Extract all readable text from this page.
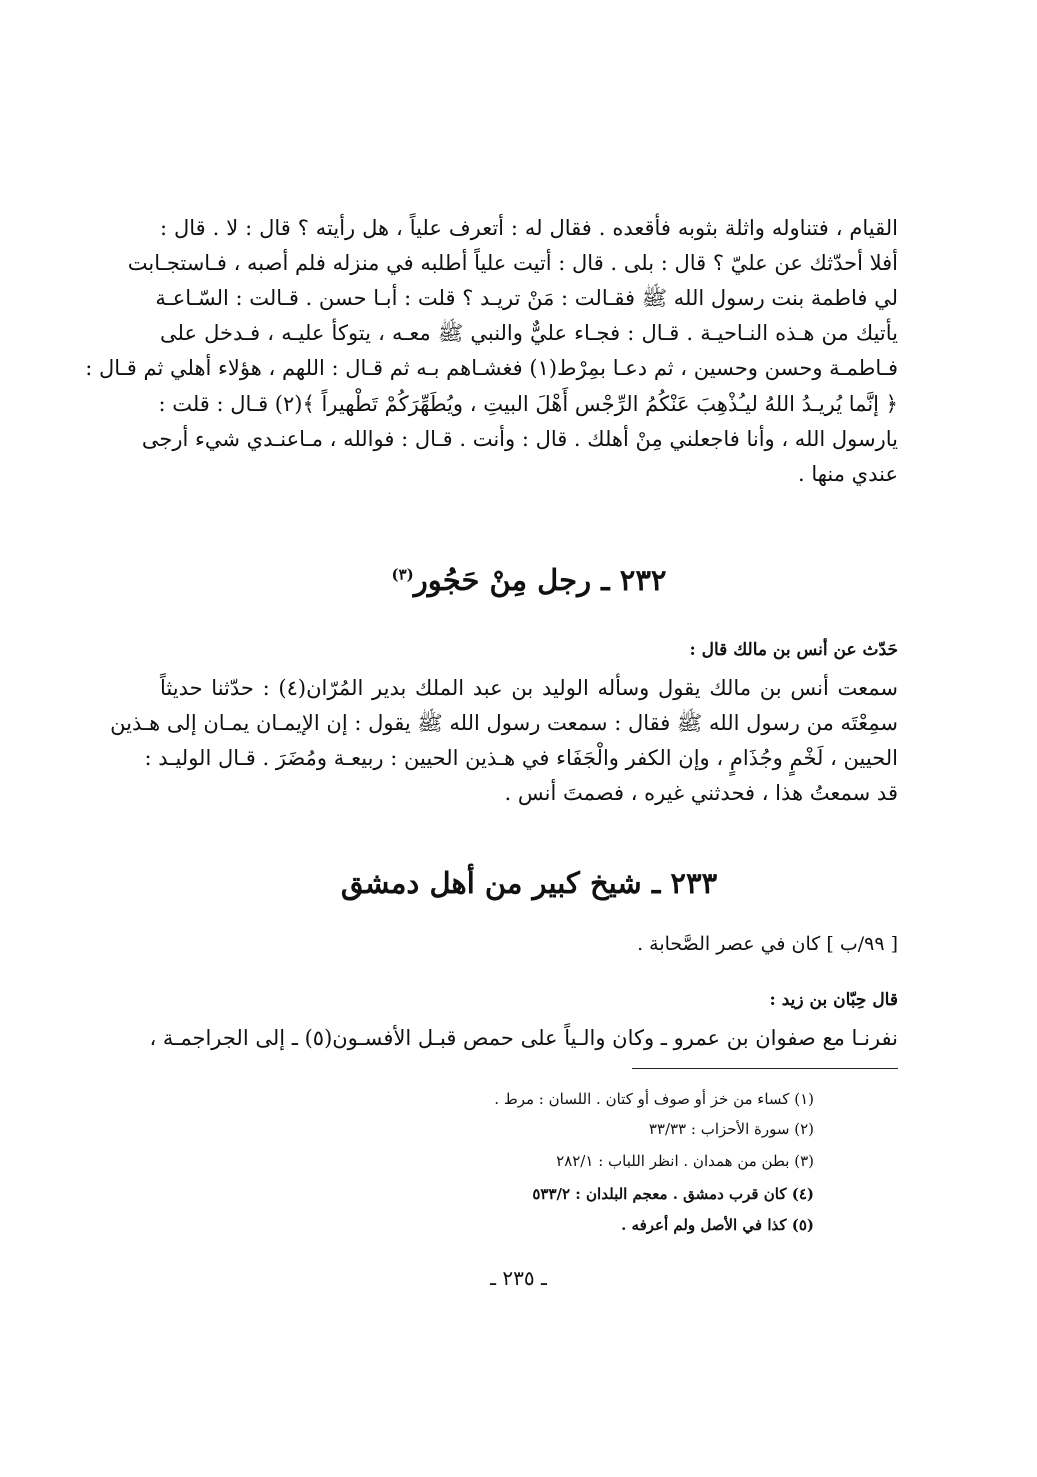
القيام ، فتناوله واثلة بثوبه فأقعده . فقال له : أتعرف علياً ، هل رأيته ؟ قال : لا . قال :
أفلا أحدّثك عن عليّ ؟ قال : بلى . قال : أتيت علياً أطلبه في منزله فلم أصبه ، فـاستجـابت
لي فاطمة بنت رسول الله ﷺ فقـالت : مَنْ تريـد ؟ قلت : أبـا حسن . قـالت : السّـاعـة
يأتيك من هـذه النـاحيـة . قـال : فجـاء عليٌّ والنبي ﷺ معـه ، يتوكأ عليـه ، فـدخل على
فـاطمـة وحسن وحسين ، ثم دعـا بمِرْط(١) فغشـاهم بـه ثم قـال : اللهم ، هؤلاء أهلي ثم قـال :
﴿ إنَّما يُريـدُ اللهُ ليـُذْهِبَ عَنْكُمُ الرِّجْس أَهْلَ البيتِ ، ويُطَهِّرَكُمْ تَطْهيراً ﴾(٢) قـال : قلت :
يارسول الله ، وأنا فاجعلني مِنْ أهلك . قال : وأنت . قـال : فوالله ، مـاعنـدي شيء أرجى
عندي منها .
٢٣٢ ـ رجل مِنْ حَجُور$^{(٣)}$
حَدّث عن أنس بن مالك قال :
سمعت أنس بن مالك يقول وسأله الوليد بن عبد الملك بدير المُرّان(٤) : حدّثنا حديثاً
سمِعْتَه من رسول الله ﷺ فقال : سمعت رسول الله ﷺ يقول : إن الإيمـان يمـان إلى هـذين
الحيين ، لَخْمٍ وجُذَامٍ ، وإن الكفر والْجَفَاء في هـذين الحيين : ربيعـة ومُضَرَ . قـال الوليـد :
قد سمعتُ هذا ، فحدثني غيره ، فصمتَ أنس .
٢٣٣ ـ شيخ كبير من أهل دمشق
[ ٩٩/ب ] كان في عصر الصَّحابة .
قال حِبّان بن زيد :
نفرنـا مع صفوان بن عمرو ـ وكان والـياً على حمص قبـل الأفسـون(٥) ـ إلى الجراجمـة ،
(١) كساء من خز أو صوف أو كتان . اللسان : مرط .
(٢) سورة الأحزاب : ٣٣/٣٣
(٣) بطن من همدان . انظر اللباب : ٢٨٢/١
(٤) كان قرب دمشق . معجم البلدان : ٥٣٣/٢
(٥) كذا في الأصل ولم أعرفه .
ـ ٢٣٥ ـ
